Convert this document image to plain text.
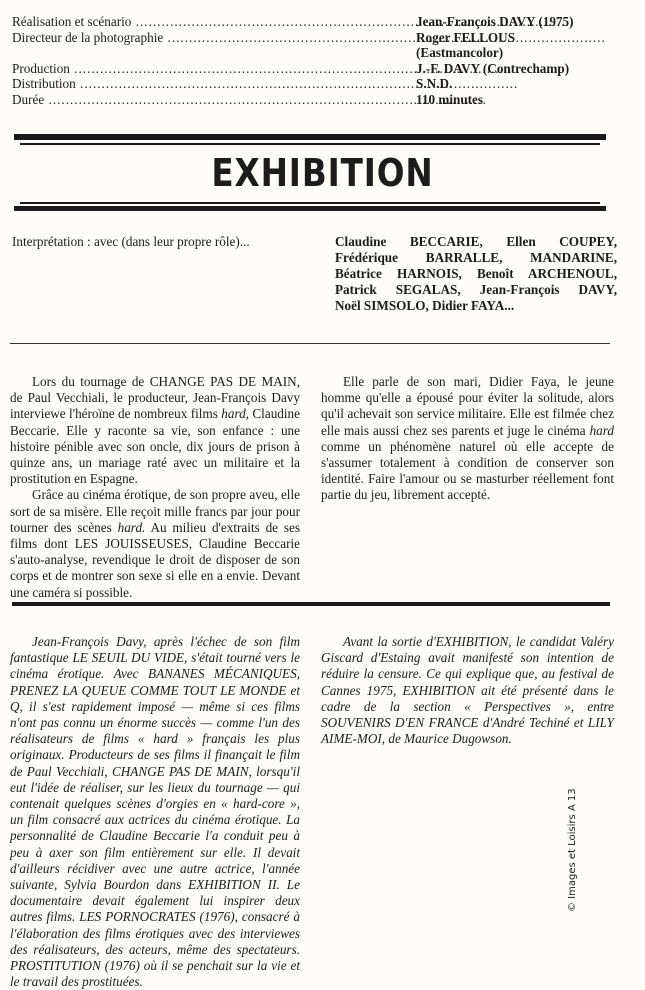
Réalisation et scénario .....	Jean-François DAVY (1975)
Directeur de la photographie .....	Roger FELLOUS
(Eastmancolor)
Production .....	J.-F. DAVY (Contrechamp)
Distribution .....	S.N.D.
Durée .....	110 minutes
EXHIBITION
Interprétation : avec (dans leur propre rôle)...	Claudine BECCARIE, Ellen COUPEY,
Frédérique BARRALLE, MANDARINE,
Béatrice HARNOIS, Benoît ARCHENOUL,
Patrick SEGALAS, Jean-François DAVY,
Noël SIMSOLO, Didier FAYA...

Lors du tournage de CHANGE PAS DE MAIN, de Paul Vecchiali, le producteur, Jean-François Davy interviewe l'héroïne de nombreux films hard, Claudine Beccarie. Elle y raconte sa vie, son enfance : une histoire pénible avec son oncle, dix jours de prison à quinze ans, un mariage raté avec un militaire et la prostitution en Espagne.

Grâce au cinéma érotique, de son propre aveu, elle sort de sa misère. Elle reçoit mille francs par jour pour tourner des scènes hard. Au milieu d'extraits de ses films dont LES JOUISSEUSES, Claudine Beccarie s'auto-analyse, revendique le droit de disposer de son corps et de montrer son sexe si elle en a envie. Devant une caméra si possible.

Elle parle de son mari, Didier Faya, le jeune homme qu'elle a épousé pour éviter la solitude, alors qu'il achevait son service militaire. Elle est filmée chez elle mais aussi chez ses parents et juge le cinéma hard comme un phénomène naturel où elle accepte de s'assumer totalement à condition de conserver son identité. Faire l'amour ou se masturber réellement font partie du jeu, librement accepté.

Jean-François Davy, après l'échec de son film fantastique LE SEUIL DU VIDE, s'était tourné vers le cinéma érotique. Avec BANANES MÉCANIQUES, PRENEZ LA QUEUE COMME TOUT LE MONDE et Q, il s'est rapidement imposé — même si ces films n'ont pas connu un énorme succès — comme l'un des réalisateurs de films « hard » français les plus originaux. Producteurs de ses films il finançait le film de Paul Vecchiali, CHANGE PAS DE MAIN, lorsqu'il eut l'idée de réaliser, sur les lieux du tournage — qui contenait quelques scènes d'orgies en « hard-core », un film consacré aux actrices du cinéma érotique. La personnalité de Claudine Beccarie l'a conduit peu à peu à axer son film entièrement sur elle. Il devait d'ailleurs récidiver avec une autre actrice, l'année suivante, Sylvia Bourdon dans EXHIBITION II. Le documentaire devait également lui inspirer deux autres films. LES PORNOCRATES (1976), consacré à l'élaboration des films érotiques avec des interviewes des réalisateurs, des acteurs, même des spectateurs. PROSTITUTION (1976) où il se penchait sur la vie et le travail des prostituées.

Avant la sortie d'EXHIBITION, le candidat Valéry Giscard d'Estaing avait manifesté son intention de réduire la censure. Ce qui explique que, au festival de Cannes 1975, EXHIBITION ait été présenté dans le cadre de la section « Perspectives », entre SOUVENIRS D'EN FRANCE d'André Techiné et LILY AIME-MOI, de Maurice Dugowson.

© Images et Loisirs A 13
